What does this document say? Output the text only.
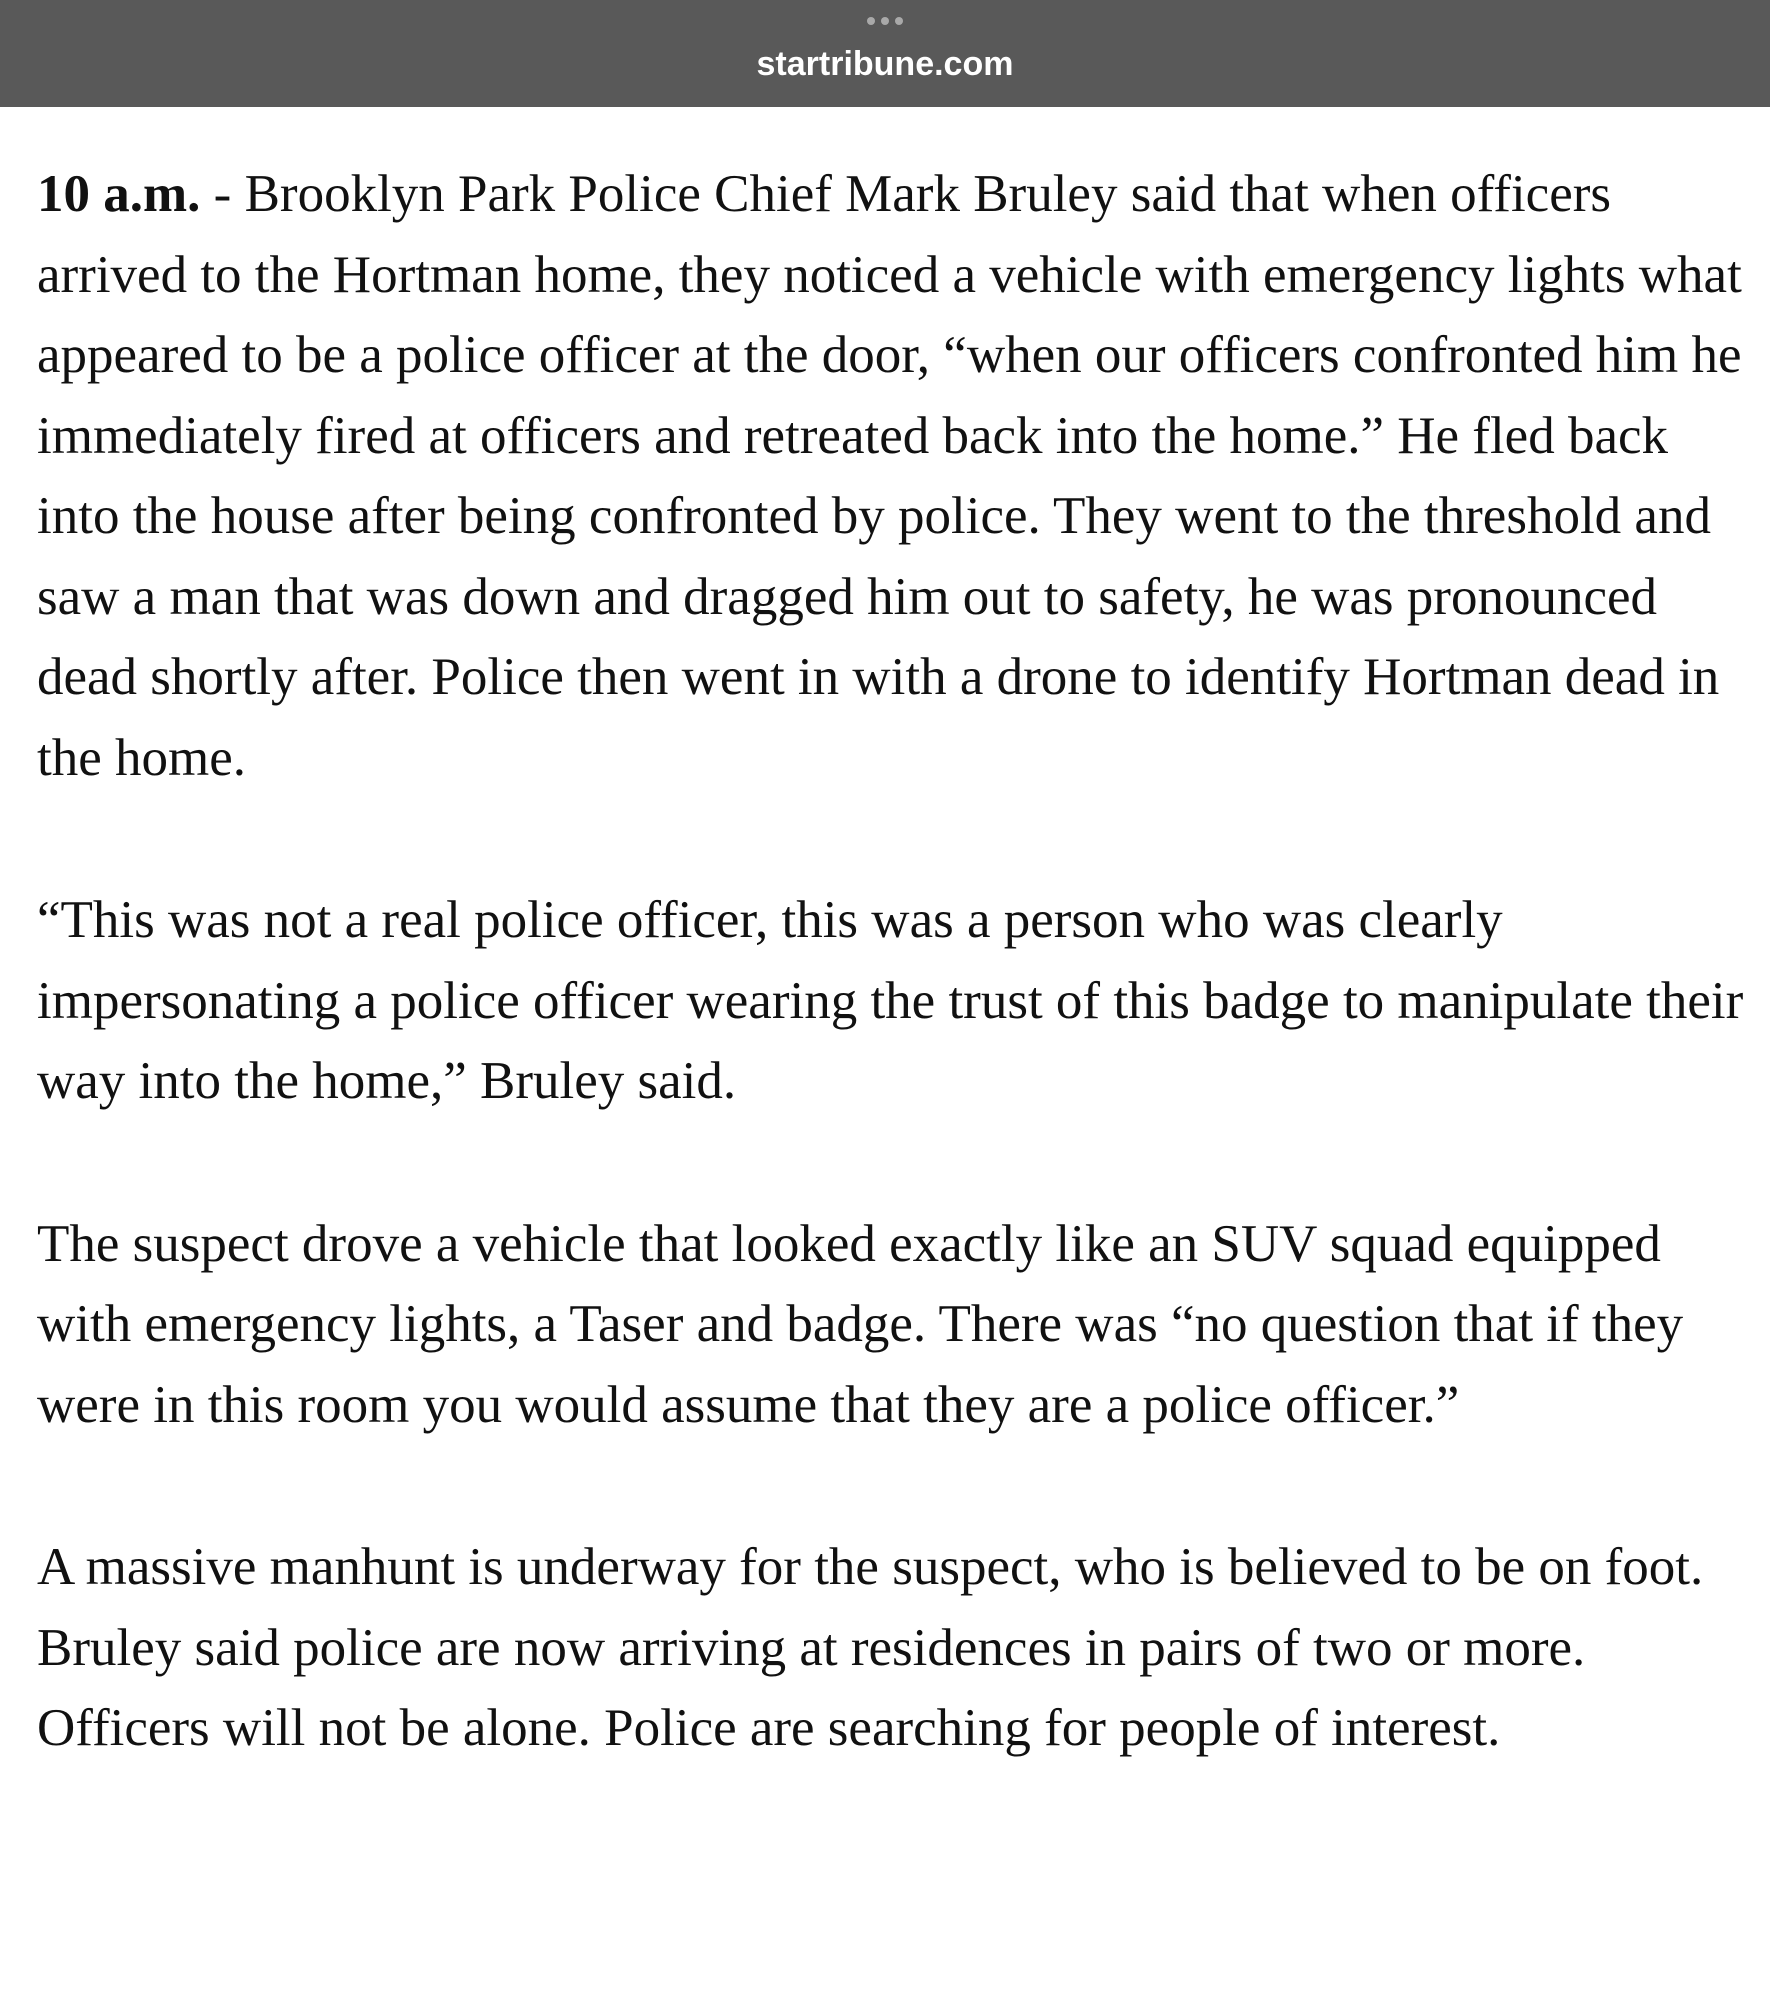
startribune.com

10 a.m. - Brooklyn Park Police Chief Mark Bruley said that when officers arrived to the Hortman home, they noticed a vehicle with emergency lights what appeared to be a police officer at the door, “when our officers confronted him he immediately fired at officers and retreated back into the home.” He fled back into the house after being confronted by police. They went to the threshold and saw a man that was down and dragged him out to safety, he was pronounced dead shortly after. Police then went in with a drone to identify Hortman dead in the home.

“This was not a real police officer, this was a person who was clearly impersonating a police officer wearing the trust of this badge to manipulate their way into the home,” Bruley said.

The suspect drove a vehicle that looked exactly like an SUV squad equipped with emergency lights, a Taser and badge. There was “no question that if they were in this room you would assume that they are a police officer.”

A massive manhunt is underway for the suspect, who is believed to be on foot. Bruley said police are now arriving at residences in pairs of two or more. Officers will not be alone. Police are searching for people of interest.
